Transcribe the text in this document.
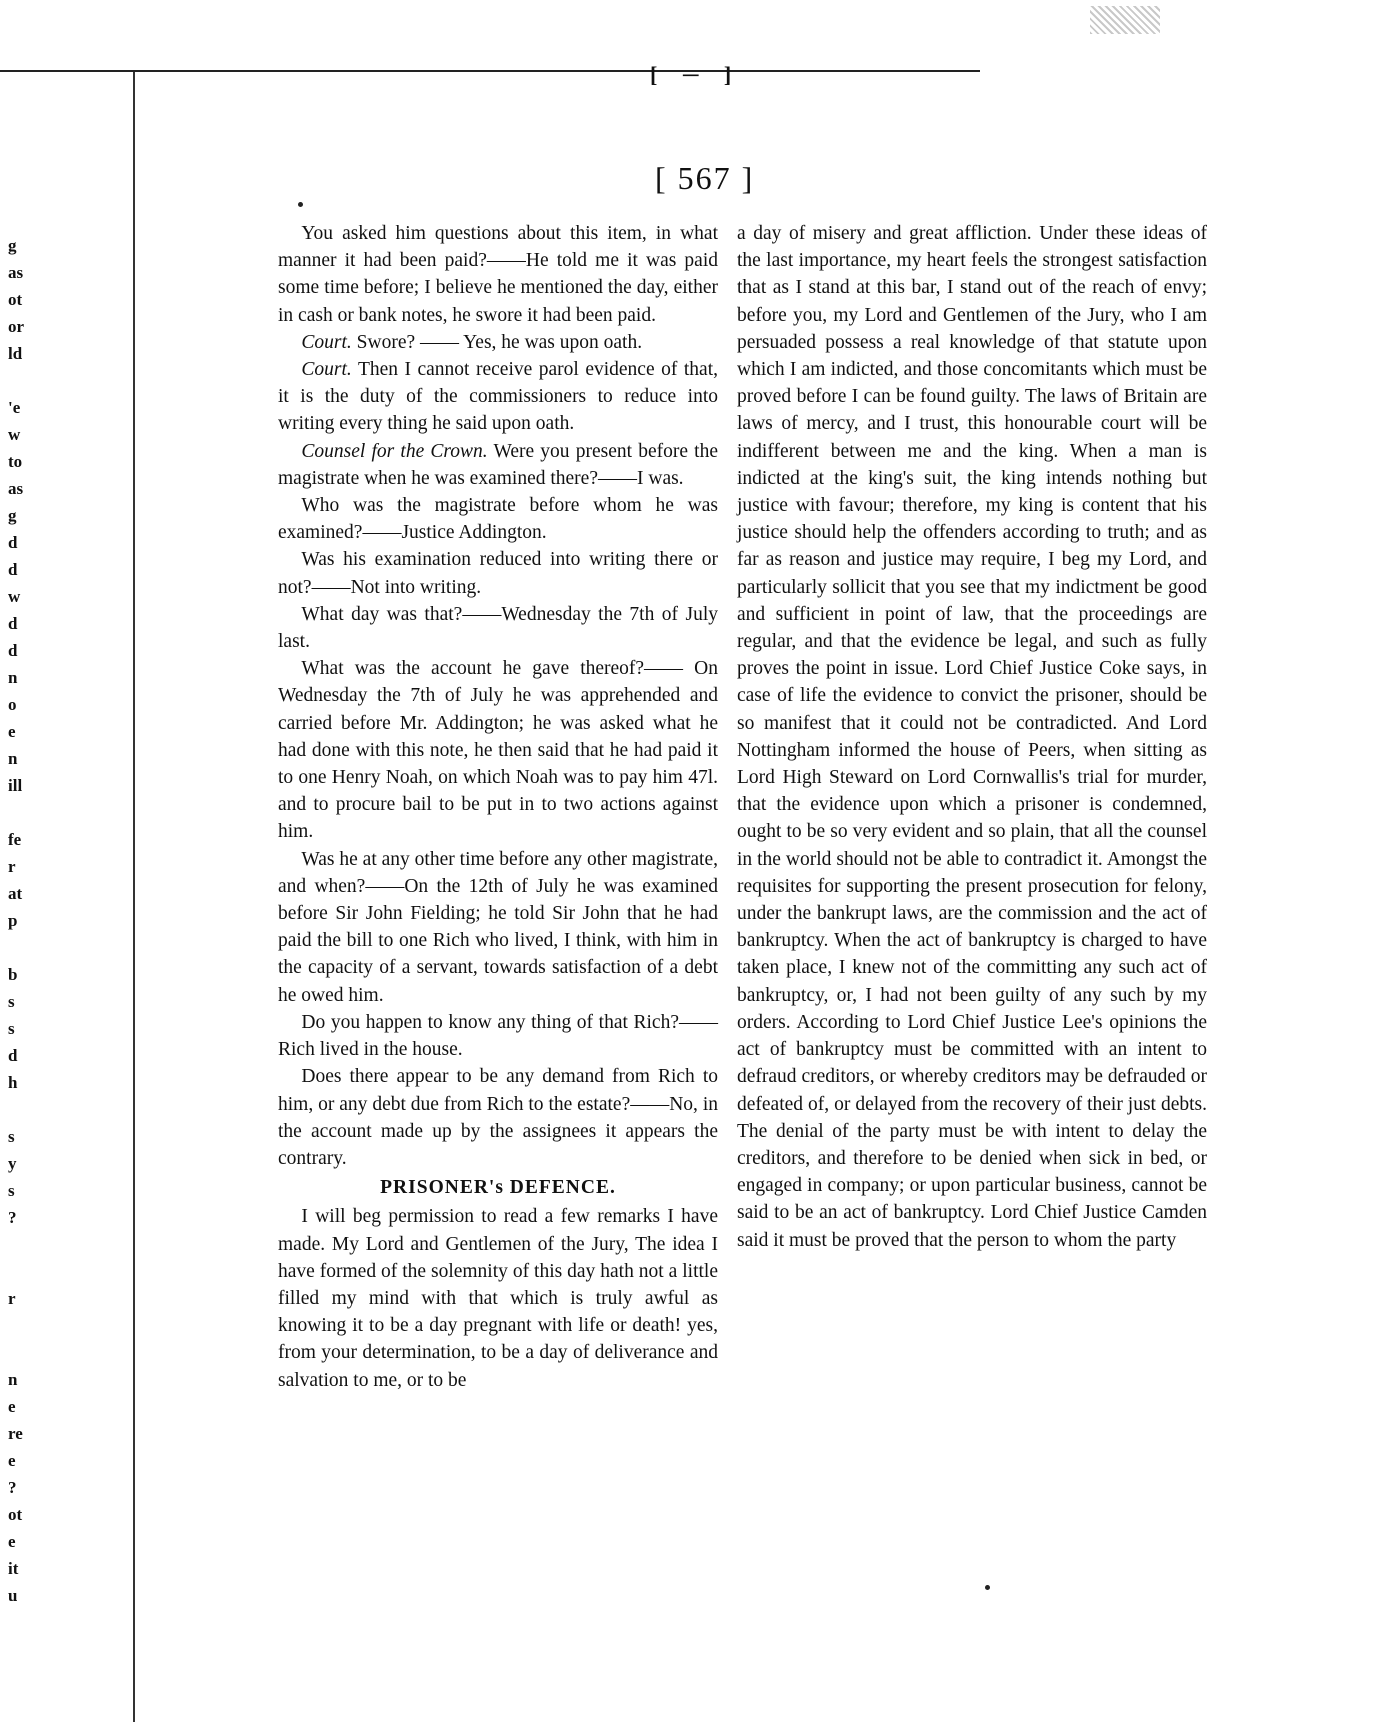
[ ─ ]
[ 567 ]
g
as
ot
or
ld
'e
w
to
as
g
d
d
w
d
d
n
o
e
n
ill
fe
r
at
p
b
s
s
d
h
s
y
s
?
r
n
e
re
e
?
ot
e
it
u

You asked him questions about this item, in what manner it had been paid?——He told me it was paid some time before; I believe he mentioned the day, either in cash or bank notes, he swore it had been paid.

Court. Swore? —— Yes, he was upon oath.

Court. Then I cannot receive parol evidence of that, it is the duty of the commissioners to reduce into writing every thing he said upon oath.

Counsel for the Crown. Were you present before the magistrate when he was examined there?——I was.

Who was the magistrate before whom he was examined?——Justice Addington.

Was his examination reduced into writing there or not?——Not into writing.

What day was that?——Wednesday the 7th of July last.

What was the account he gave thereof?—— On Wednesday the 7th of July he was apprehended and carried before Mr. Addington; he was asked what he had done with this note, he then said that he had paid it to one Henry Noah, on which Noah was to pay him 47l. and to procure bail to be put in to two actions against him.

Was he at any other time before any other magistrate, and when?——On the 12th of July he was examined before Sir John Fielding; he told Sir John that he had paid the bill to one Rich who lived, I think, with him in the capacity of a servant, towards satisfaction of a debt he owed him.

Do you happen to know any thing of that Rich?——Rich lived in the house.

Does there appear to be any demand from Rich to him, or any debt due from Rich to the estate?——No, in the account made up by the assignees it appears the contrary.

PRISONER's DEFENCE.

I will beg permission to read a few remarks I have made. My Lord and Gentlemen of the Jury, The idea I have formed of the solemnity of this day hath not a little filled my mind with that which is truly awful as knowing it to be a day pregnant with life or death! yes, from your determination, to be a day of deliverance and salvation to me, or to be

a day of misery and great affliction. Under these ideas of the last importance, my heart feels the strongest satisfaction that as I stand at this bar, I stand out of the reach of envy; before you, my Lord and Gentlemen of the Jury, who I am persuaded possess a real knowledge of that statute upon which I am indicted, and those concomitants which must be proved before I can be found guilty. The laws of Britain are laws of mercy, and I trust, this honourable court will be indifferent between me and the king. When a man is indicted at the king's suit, the king intends nothing but justice with favour; therefore, my king is content that his justice should help the offenders according to truth; and as far as reason and justice may require, I beg my Lord, and particularly sollicit that you see that my indictment be good and sufficient in point of law, that the proceedings are regular, and that the evidence be legal, and such as fully proves the point in issue. Lord Chief Justice Coke says, in case of life the evidence to convict the prisoner, should be so manifest that it could not be contradicted. And Lord Nottingham informed the house of Peers, when sitting as Lord High Steward on Lord Cornwallis's trial for murder, that the evidence upon which a prisoner is condemned, ought to be so very evident and so plain, that all the counsel in the world should not be able to contradict it. Amongst the requisites for supporting the present prosecution for felony, under the bankrupt laws, are the commission and the act of bankruptcy. When the act of bankruptcy is charged to have taken place, I knew not of the committing any such act of bankruptcy, or, I had not been guilty of any such by my orders. According to Lord Chief Justice Lee's opinions the act of bankruptcy must be committed with an intent to defraud creditors, or whereby creditors may be defrauded or defeated of, or delayed from the recovery of their just debts. The denial of the party must be with intent to delay the creditors, and therefore to be denied when sick in bed, or engaged in company; or upon particular business, cannot be said to be an act of bankruptcy. Lord Chief Justice Camden said it must be proved that the person to whom the party
